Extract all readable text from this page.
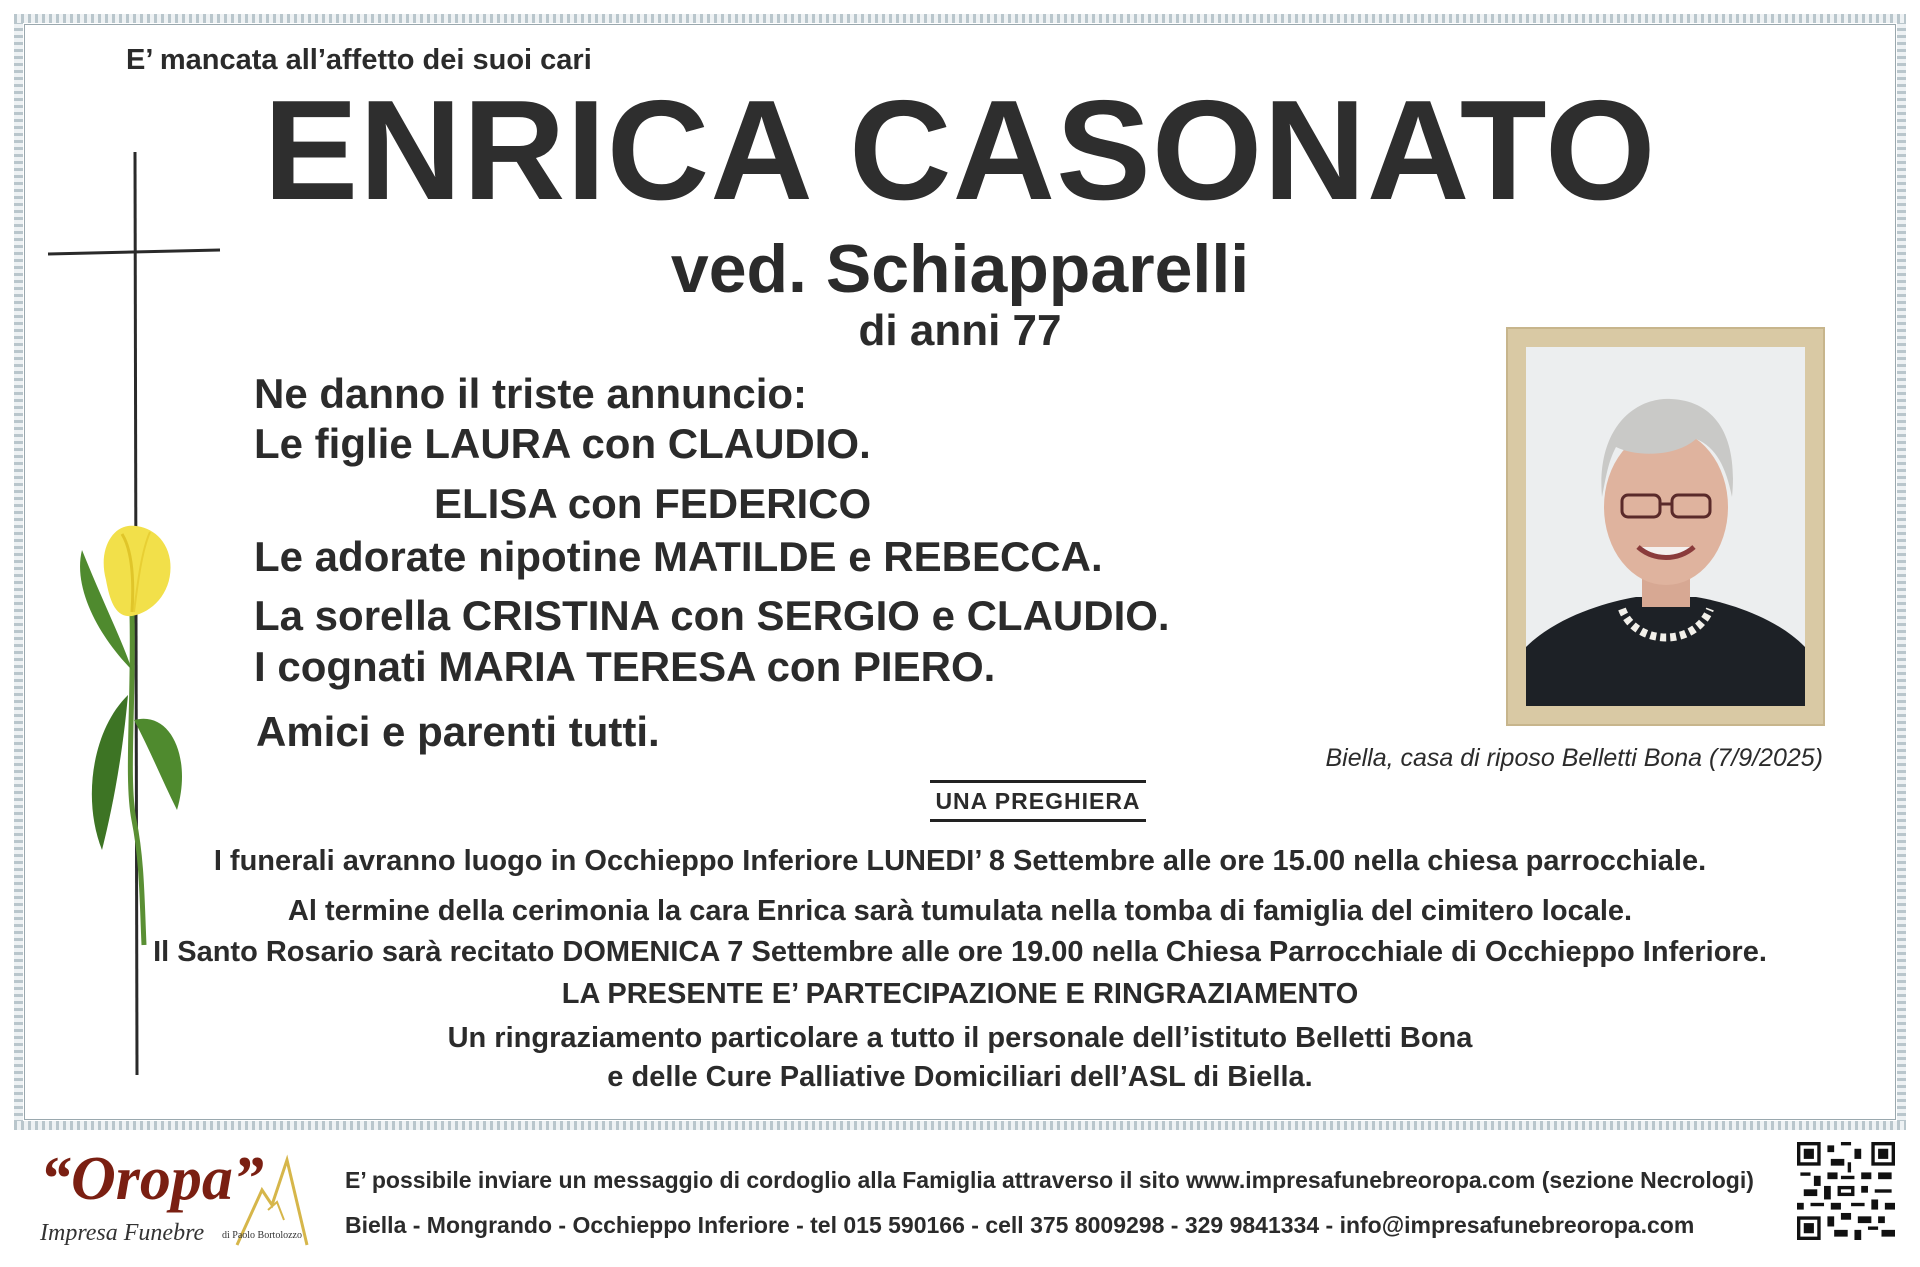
E’ mancata all’affetto dei suoi cari
ENRICA CASONATO
ved. Schiapparelli
di anni 77
Ne danno il triste annuncio:
Le figlie LAURA con CLAUDIO.
ELISA con FEDERICO
Le adorate nipotine MATILDE e REBECCA.
La sorella CRISTINA con SERGIO e CLAUDIO.
I cognati MARIA TERESA con PIERO.
Amici e parenti tutti.
Biella, casa di riposo Belletti Bona (7/9/2025)
UNA PREGHIERA
I funerali avranno luogo in Occhieppo Inferiore LUNEDI’ 8 Settembre alle ore 15.00 nella chiesa parrocchiale.
Al termine della cerimonia la cara Enrica sarà tumulata nella tomba di famiglia del cimitero locale.
Il Santo Rosario sarà recitato DOMENICA 7 Settembre alle ore 19.00 nella Chiesa Parrocchiale di Occhieppo Inferiore.
LA PRESENTE E’ PARTECIPAZIONE E RINGRAZIAMENTO
Un ringraziamento particolare a tutto il personale dell’istituto Belletti Bona
e delle Cure Palliative Domiciliari dell’ASL di Biella.
“Oropa”
Impresa Funebre di Paolo Bortolozzo
E’ possibile inviare un messaggio di cordoglio alla Famiglia attraverso il sito www.impresafunebreoropa.com (sezione Necrologi)
Biella - Mongrando - Occhieppo Inferiore - tel 015 590166 - cell 375 8009298 - 329 9841334 - info@impresafunebreoropa.com
